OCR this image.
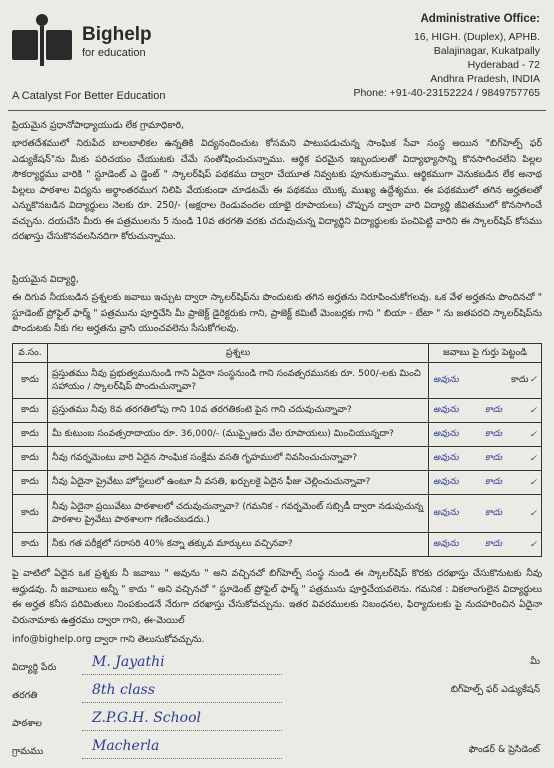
Bighelp
for education
A Catalyst For Better Education
Administrative Office:
16, HIGH. (Duplex), APHB.
Balajinagar, Kukatpally
Hyderabad - 72
Andhra Pradesh, INDIA
Phone: +91-40-23152224 / 9849757765
ప్రియమైన ప్రధానోపాధ్యాయుడు లేక గ్రామాధికారి,
భారతదేశములో నిరుపేద బాలబాలికల ఉన్నతికి విద్యనందించుట కోసమని పాటుపడుచున్న సాంఘిక సేవా సంస్థ అయిన "బిగ్‌హెల్ప్ ఫర్ ఎడ్యుకేషన్"ను మీకు పరిచయం చేయుటకు చేమే సంతోషించుచున్నాము. ఆర్థిక పరమైన ఇబ్బందులతో విద్యాభ్యాసాన్ని కొనసాగించలేని పిల్లల సౌకర్యార్థము వారికి " స్టూడెంట్ ఎ డ్డెంట్ " స్కాలర్‌షిప్ పథకము ద్వారా చేయూత నివ్వటకు పూనుకున్నాము. ఆర్థికముగా వెనుకబడిన లేక అనాథ పిల్లలు పాఠశాల విద్యను అర్థాంతరముగ నిలిపి వేయకుండా చూడటమే ఈ పథకము యొక్క ముఖ్య ఉద్దేశ్యము. ఈ పథకములో తగిన అర్హతలతో ఎన్నుకొనబడిన విద్యార్థులు నెలకు రూ. 250/- (అక్షరాల రెండువందల యాభై రూపాయలు) చొప్పున ద్వారా వారి విద్యార్థి జీవితములో కొనసాగించే వచ్చును. దయచేసి మీరు ఈ పత్రములను 5 నుండి 10వ తరగతి వరకు చదువుచున్న విద్యార్థిని విద్యార్థులకు పంచిపెట్టి వారిని ఈ స్కాలర్‌షిప్ కోసము దరఖాస్తు చేసుకొనవలసినదిగా కోరుచున్నాము.
ప్రియమైన విద్యార్థి,
ఈ దిగువ నీయబడిన ప్రశ్నలకు జవాబు ఇచ్చుట ద్వారా స్కాలర్‌షిప్‌ను పొందుటకు తగిన అర్హతను నిరూపించుకోగలవు. ఒక వేళ అర్హతను పొందినచో " స్టూడెంట్ ప్రోఫైల్ ఫార్మ్ " పత్రమును పూర్తిచేసి మీ ప్రాజెక్ట్ డైరెక్టరుకు గాని, ప్రాజెక్ట్ కమిటీ మెంబర్లకు గాని " బియా - బేటా " ను జతపరచి స్కాలర్‌షిప్‌ను పొందుటకు నీకు గల అర్హతను వ్రాసి యుంచవలెను సేసుకోగలవు.
వ.సం.	ప్రశ్నలు	జవాబు పై గుర్తు పెట్టండి
కాదు	ప్రస్తుతము నీవు ప్రభుత్వమునుండి గాని ఏదైనా సంస్థనుండి గాని సంవత్సరమునకు రూ. 500/-లకు మించి సహాయం / స్కాలర్‌షిప్ పొందుచున్నావా?	అవును కాదు✓

కాదు	ప్రస్తుతము నీవు 8వ తరగతిలోపు గాని 10వ తరగతికంటె పైన గాని చదువుచున్నావా?	అవును కాదు ✓

కాదు	మీ కుటుంబ సంవత్సరాదాయం రూ. 36,000/- (ముప్పైఆరు వేల రూపాయలు) మించియున్నదా?	అవును కాదు ✓

కాదు	నీవు గవర్నమెంటు వారి ఏదైన సాంఘిక సంక్షేమ వసతి గృహములో నివసించుచున్నావా?	అవును కాదు ✓

కాదు	నీవు ఏదైనా ప్రైవేటు హోస్టలులో ఉంటూ నీ వసతి, ఖర్చులకై ఏదైన ఫీజు చెల్లించుచున్నావా?	అవును కాదు ✓

కాదు	నీవు ఏదైనా ప్రయివేటు పాఠశాలలో చదువుచున్నావా? (గమనిక - గవర్నమెంట్ సబ్సిడీ ద్వారా నడుపుచున్న పాఠశాల ప్రైవేటు పాఠశాలగా గణించబడదు.)	అవును కాదు ✓

కాదు	నీకు గత పరీక్షలో సరాసరి 40% కన్నా తక్కువ మార్కులు వచ్చినవా?	అవును కాదు ✓
పై వాటిలో ఏదైన ఒక ప్రశ్నకు నీ జవాబు " అవును " అని వచ్చినచో బిగ్‌హెల్ప్ సంస్థ నుండి ఈ స్కాలర్‌షిప్ కొరకు దరఖాస్తు చేసుకొనుటకు నీవు అర్హుడవు. నీ జవాబులు అన్నీ " కాదు " అని వచ్చినచో " స్టూడెంట్ ప్రోఫైల్ ఫార్మ్ " పత్రమును పూర్తిచేయవలెను. గమనిక : వికలాంగులైన విద్యార్థులు ఈ అర్హత కనీస పరిమితులు నింపకుండనే నేరుగా దరఖాస్తు చేసుకోవచ్చును. ఇతర వివరములకు నిబంధనల, ఫిర్యాదులకు పై నుదహరించిన ఏదైనా చిరునామాకు ఉత్తరము ద్వారా గాని, ఈ-మెయిల్
info@bighelp.org ద్వారా గాని తెలుసుకోవచ్చును.
విద్యార్థి పేరు	M. Jayathi
తరగతి	8th class
పాఠశాల	Z.P.G.H. School
గ్రామము	Macherla
మీ
బిగ్‌హెల్ప్ ఫర్ ఎడ్యుకేషన్
ఫౌండర్ & ప్రెసిడెంట్
